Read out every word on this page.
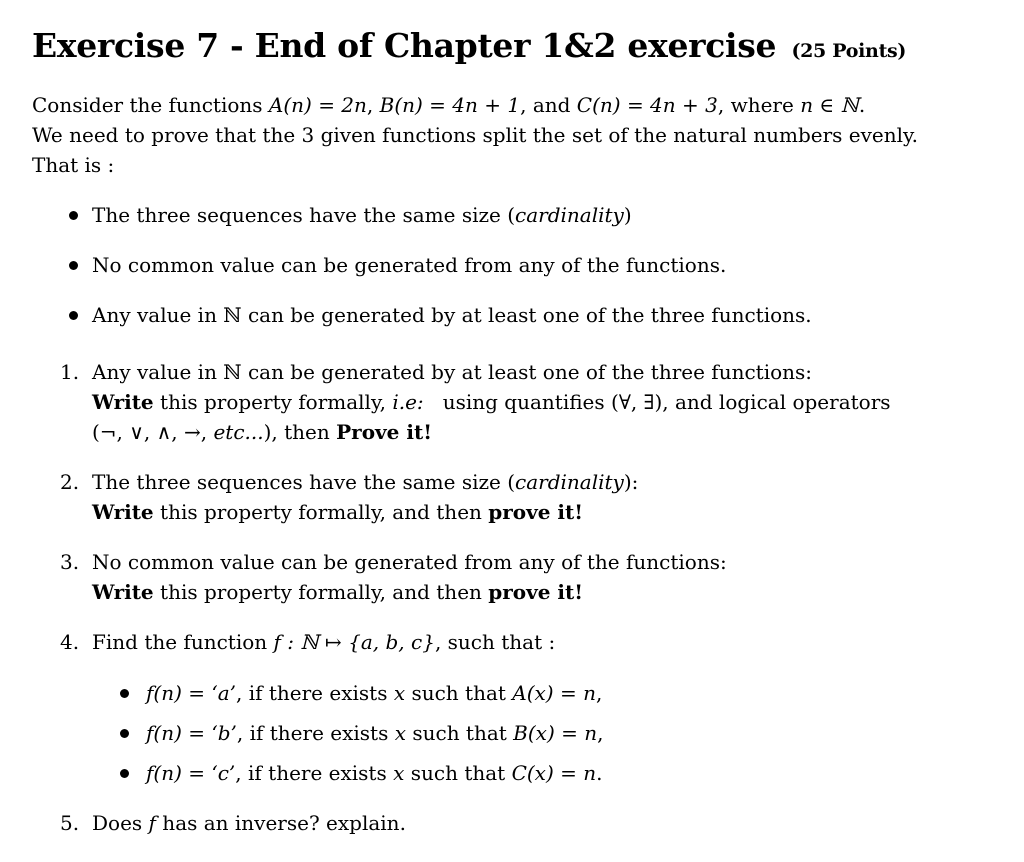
Exercise 7 - End of Chapter 1&2 exercise (25 Points)

Consider the functions A(n) = 2n, B(n) = 4n + 1, and C(n) = 4n + 3, where n ∈ ℕ.

We need to prove that the 3 given functions split the set of the natural numbers evenly.

That is :

The three sequences have the same size (cardinality)

No common value can be generated from any of the functions.

Any value in ℕ can be generated by at least one of the three functions.

1. Any value in ℕ can be generated by at least one of the three functions:

Write this property formally, i.e:   using quantifies (∀, ∃), and logical operators

(¬, ∨, ∧, →, etc...), then Prove it!

2. The three sequences have the same size (cardinality):

Write this property formally, and then prove it!

3. No common value can be generated from any of the functions:

Write this property formally, and then prove it!

4. Find the function f : ℕ ↦ {a, b, c}, such that :

f(n) = ‘a’, if there exists x such that A(x) = n,

f(n) = ‘b’, if there exists x such that B(x) = n,

f(n) = ‘c’, if there exists x such that C(x) = n.

5. Does f has an inverse? explain.
